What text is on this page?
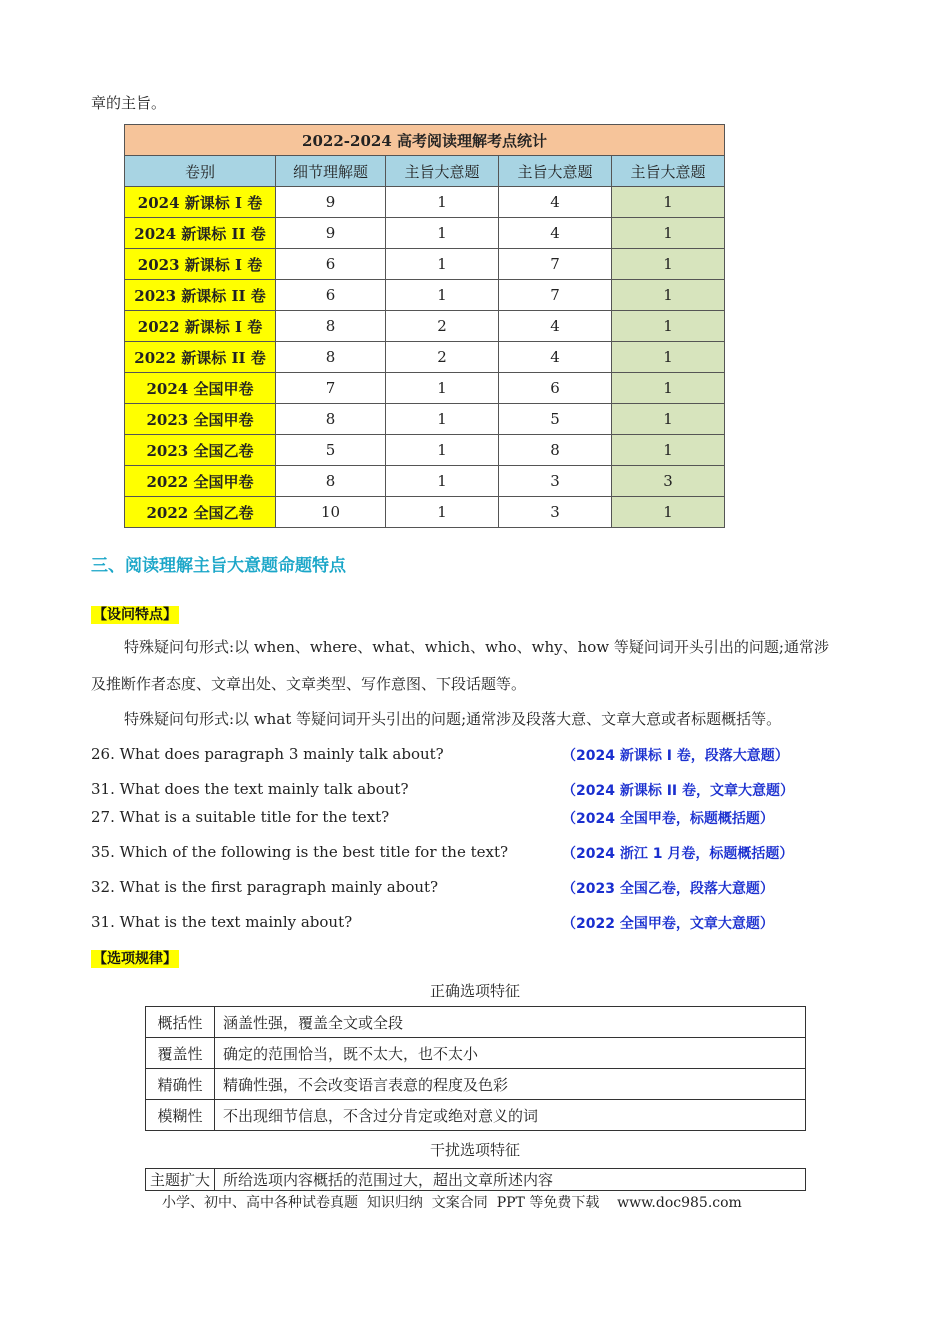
章的主旨。
2022-2024 高考阅读理解考点统计				
卷别	细节理解题	主旨大意题	主旨大意题	主旨大意题
2024 新课标 I 卷	9	1	4	1
2024 新课标 II 卷	9	1	4	1
2023 新课标 I 卷	6	1	7	1
2023 新课标 II 卷	6	1	7	1
2022 新课标 I 卷	8	2	4	1
2022 新课标 II 卷	8	2	4	1
2024 全国甲卷	7	1	6	1
2023 全国甲卷	8	1	5	1
2023 全国乙卷	5	1	8	1
2022 全国甲卷	8	1	3	3
2022 全国乙卷	10	1	3	1
三、阅读理解主旨大意题命题特点
【设问特点】
特殊疑问句形式:以 when、where、what、which、who、why、how 等疑问词开头引出的问题;通常涉
及推断作者态度、文章出处、文章类型、写作意图、下段话题等。
特殊疑问句形式:以 what 等疑问词开头引出的问题;通常涉及段落大意、文章大意或者标题概括等。
26. What does paragraph 3 mainly talk about?	（2024 新课标 I 卷，段落大意题）
31. What does the text mainly talk about?	（2024 新课标 II 卷，文章大意题）
27. What is a suitable title for the text?	（2024 全国甲卷，标题概括题）
35. Which of the following is the best title for the text?	（2024 浙江 1 月卷，标题概括题）
32. What is the first paragraph mainly about?	（2023 全国乙卷，段落大意题）
31. What is the text mainly about?	（2022 全国甲卷，文章大意题）
【选项规律】
正确选项特征
概括性	涵盖性强，覆盖全文或全段
覆盖性	确定的范围恰当，既不太大，也不太小
精确性	精确性强，不会改变语言表意的程度及色彩
模糊性	不出现细节信息，不含过分肯定或绝对意义的词
干扰选项特征
主题扩大	所给选项内容概括的范围过大，超出文章所述内容
小学、初中、高中各种试卷真题  知识归纳  文案合同  PPT 等免费下载    www.doc985.com
